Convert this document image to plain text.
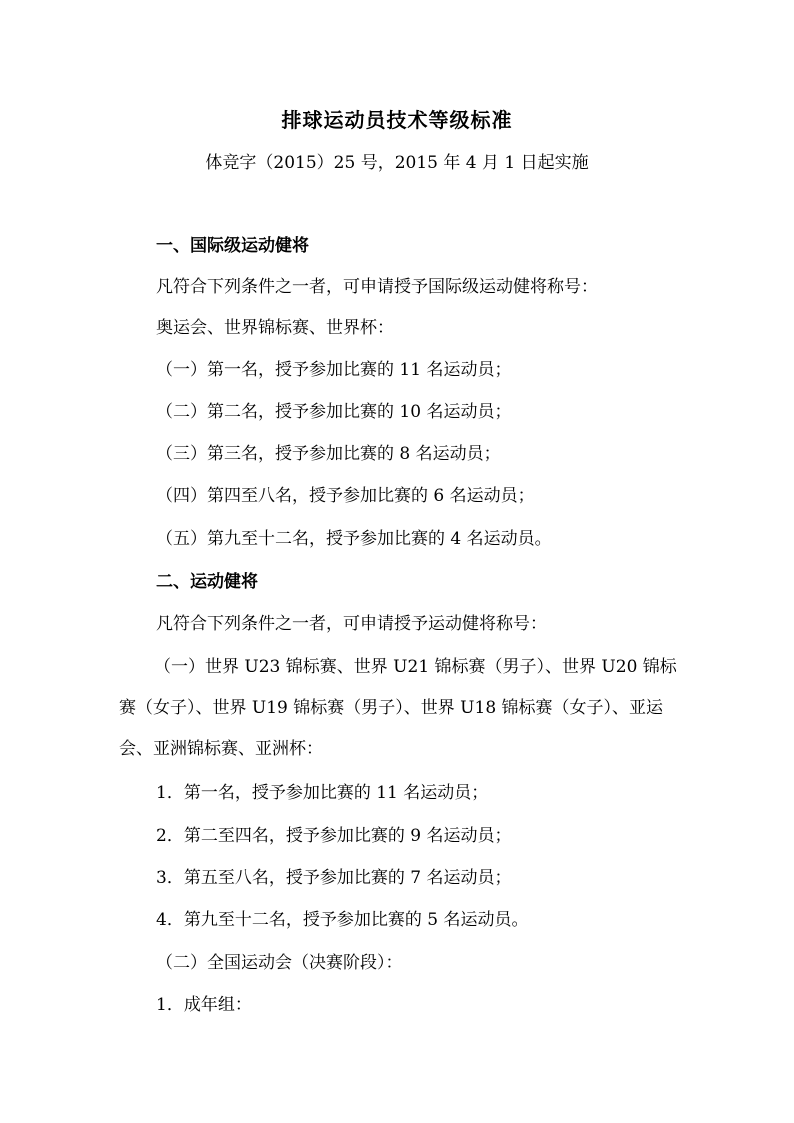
排球运动员技术等级标准
体竞字（2015）25 号，2015 年 4 月 1 日起实施
一、国际级运动健将
凡符合下列条件之一者，可申请授予国际级运动健将称号：
奥运会、世界锦标赛、世界杯：
（一）第一名，授予参加比赛的 11 名运动员；
（二）第二名，授予参加比赛的 10 名运动员；
（三）第三名，授予参加比赛的 8 名运动员；
（四）第四至八名，授予参加比赛的 6 名运动员；
（五）第九至十二名，授予参加比赛的 4 名运动员。
二、运动健将
凡符合下列条件之一者，可申请授予运动健将称号：
（一）世界 U23 锦标赛、世界 U21 锦标赛（男子）、世界 U20 锦标赛（女子）、世界 U19 锦标赛（男子）、世界 U18 锦标赛（女子）、亚运会、亚洲锦标赛、亚洲杯：
1．第一名，授予参加比赛的 11 名运动员；
2．第二至四名，授予参加比赛的 9 名运动员；
3．第五至八名，授予参加比赛的 7 名运动员；
4．第九至十二名，授予参加比赛的 5 名运动员。
（二）全国运动会（决赛阶段）：
1．成年组：
